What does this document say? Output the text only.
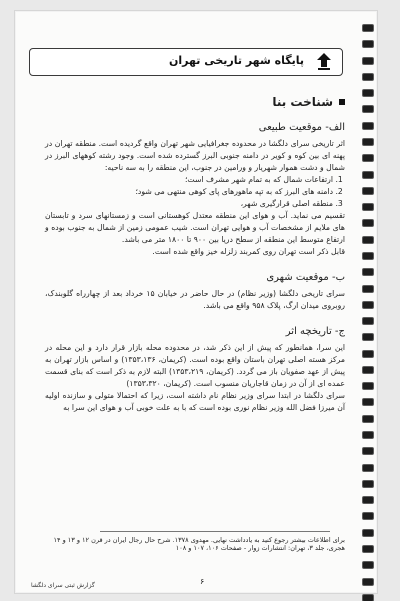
پایگاه شهر تاریخی تهران
شناخت بنا
الف- موقعیت طبیعی

اثر تاریخی سرای دلگشا در محدوده جغرافیایی شهر تهران واقع گردیده است. منطقه تهران در پهنه ای بین کوه و کویر در دامنه جنوبی البرز گسترده شده است. وجود رشته کوههای البرز در شمال و دشت هموار شهریار و ورامین در جنوب، این منطقه را به سه ناحیه:

1. ارتفاعات شمال که به تمام شهر مشرف است؛
2. دامنه های البرز که به تپه ماهورهای پای کوهی منتهی می شود؛
3. منطقه اصلی قرارگیری شهر،

تقسیم می نماید. آب و هوای این منطقه معتدل کوهستانی است و زمستانهای سرد و تابستان های ملایم از مشخصات آب و هوایی تهران است. شیب عمومی زمین از شمال به جنوب بوده و ارتفاع متوسط این منطقه از سطح دریا بین ۹۰۰ تا ۱۸۰۰ متر می باشد.

قابل ذکر است تهران روی کمربند زلزله خیز واقع شده است.

ب- موقعیت شهری

سرای تاریخی دلگشا (وزیر نظام) در حال حاضر در خیابان ۱۵ خرداد بعد از چهارراه گلوبندک، روبروی میدان ارگ، پلاک ۹۵۸ واقع می باشد.

ج- تاریخچه اثر

این سرا، همانطور که پیش از این ذکر شد، در محدوده محله بازار قرار دارد و این محله در مرکز هسته اصلی تهران باستان واقع بوده است. (کریمان، ۱۳۵۳،۱۳۶) و اساس بازار تهران به پیش از عهد صفویان باز می گردد. (کریمان، ۱۳۵۳،۲۱۹) البته لازم به ذکر است که بنای قسمت عمده ای از آن در زمان قاجاریان منسوب است. (کریمان، ۱۳۵۳،۳۲۰)

سرای دلگشا در ابتدا سرای وزیر نظام نام داشته است، زیرا که احتمالا متولی و سازنده اولیه آن میرزا فضل الله وزیر نظام نوری بوده است که با به علت خوبی آب و هوای این سرا به

برای اطلاعات بیشتر رجوع کنید به یادداشت نهایی. مهدوی ۱۳۷۸. شرح حال رجال ایران در قرن ۱۲ و ۱۳ و ۱۴ هجری، جلد ۳، تهران: انتشارات زوار - صفحات ۱۰۶، ۱۰۷ و ۱۰۸
۶
گزارش ثبتی سرای دلگشا
